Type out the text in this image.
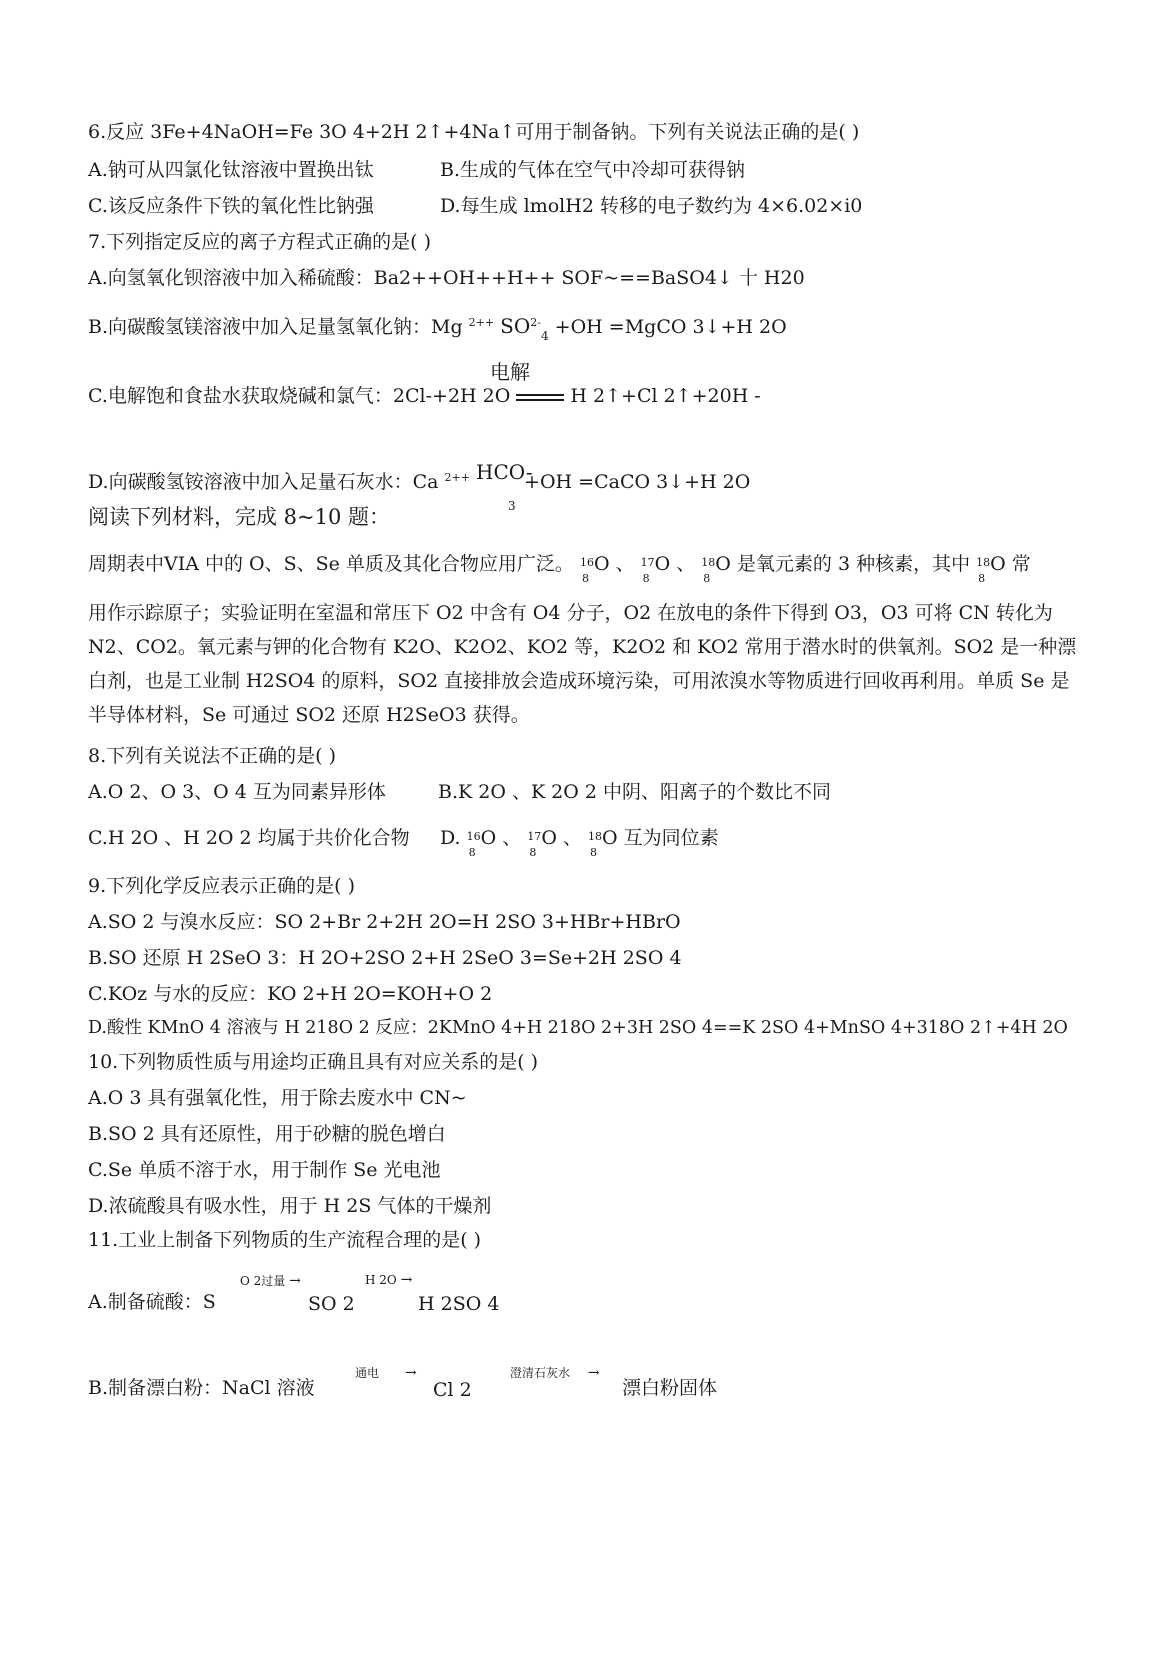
6.反应 3Fe+4NaOH=Fe 3O 4+2H 2↑+4Na↑可用于制备钠。下列有关说法正确的是( )
A.钠可从四氯化钛溶液中置换出钛	B.生成的气体在空气中冷却可获得钠
C.该反应条件下铁的氧化性比钠强	D.每生成 lmolH2 转移的电子数约为 4×6.02×i0
7.下列指定反应的离子方程式正确的是( )
A.向氢氧化钡溶液中加入稀硫酸：Ba2++OH++H++ SOF~==BaSO4↓ 十 H20
B.向碳酸氢镁溶液中加入足量氢氧化钠：Mg $^{2++}$ $SO^{2-}_4 +OH$ =MgCO 3↓+H 2O
电解
C.电解饱和食盐水获取烧碱和氯气：2Cl-+2H 2O	H 2↑+Cl 2↑+20H -
D.向碳酸氢铵溶液中加入足量石灰水：Ca $^{2++}$ HCO-
3
+OH =CaCO 3↓+H 2O
阅读下列材料，完成 8~10 题：
周期表中VIA 中的 O、S、Se 单质及其化合物应用广泛。 16
8
O 、 17
8
O 、 18
8
O 是氧元素的 3 种核素，其中 18
8
O 常
用作示踪原子；实验证明在室温和常压下 O2 中含有 O4 分子，O2 在放电的条件下得到 O3，O3 可将 CN 转化为 N2、CO2。氧元素与钾的化合物有 K2O、K2O2、KO2 等，K2O2 和 KO2 常用于潜水时的供氧剂。SO2 是一种漂白剂，也是工业制 H2SO4 的原料，SO2 直接排放会造成环境污染，可用浓溴水等物质进行回收再利用。单质 Se 是半导体材料，Se 可通过 SO2 还原 H2SeO3 获得。
8.下列有关说法不正确的是( )
A.O 2、O 3、O 4 互为同素异形体	B.K 2O 、K 2O 2 中阴、阳离子的个数比不同
C.H 2O 、H 2O 2 均属于共价化合物 D. 16
8
O 、 17
8
O 、 18
8
O 互为同位素
9.下列化学反应表示正确的是( )
A.SO 2 与溴水反应：SO 2+Br 2+2H 2O=H 2SO 3+HBr+HBrO
B.SO 还原 H 2SeO 3：H 2O+2SO 2+H 2SeO 3=Se+2H 2SO 4
C.KOz 与水的反应：KO 2+H 2O=KOH+O 2
D.酸性 KMnO 4 溶液与 H 218O 2 反应：2KMnO 4+H 218O 2+3H 2SO 4==K 2SO 4+MnSO 4+318O 2↑+4H 2O
10.下列物质性质与用途均正确且具有对应关系的是( )
A.O 3 具有强氧化性，用于除去废水中 CN~
B.SO 2 具有还原性，用于砂糖的脱色增白
C.Se 单质不溶于水，用于制作 Se 光电池
D.浓硫酸具有吸水性，用于 H 2S 气体的干燥剂
11.工业上制备下列物质的生产流程合理的是( )
A.制备硫酸：S
O 2过量 →
SO 2
H 2O →
H 2SO 4
B.制备漂白粉：NaCl 溶液
通电 →
Cl 2
澄清石灰水 →
漂白粉固体
